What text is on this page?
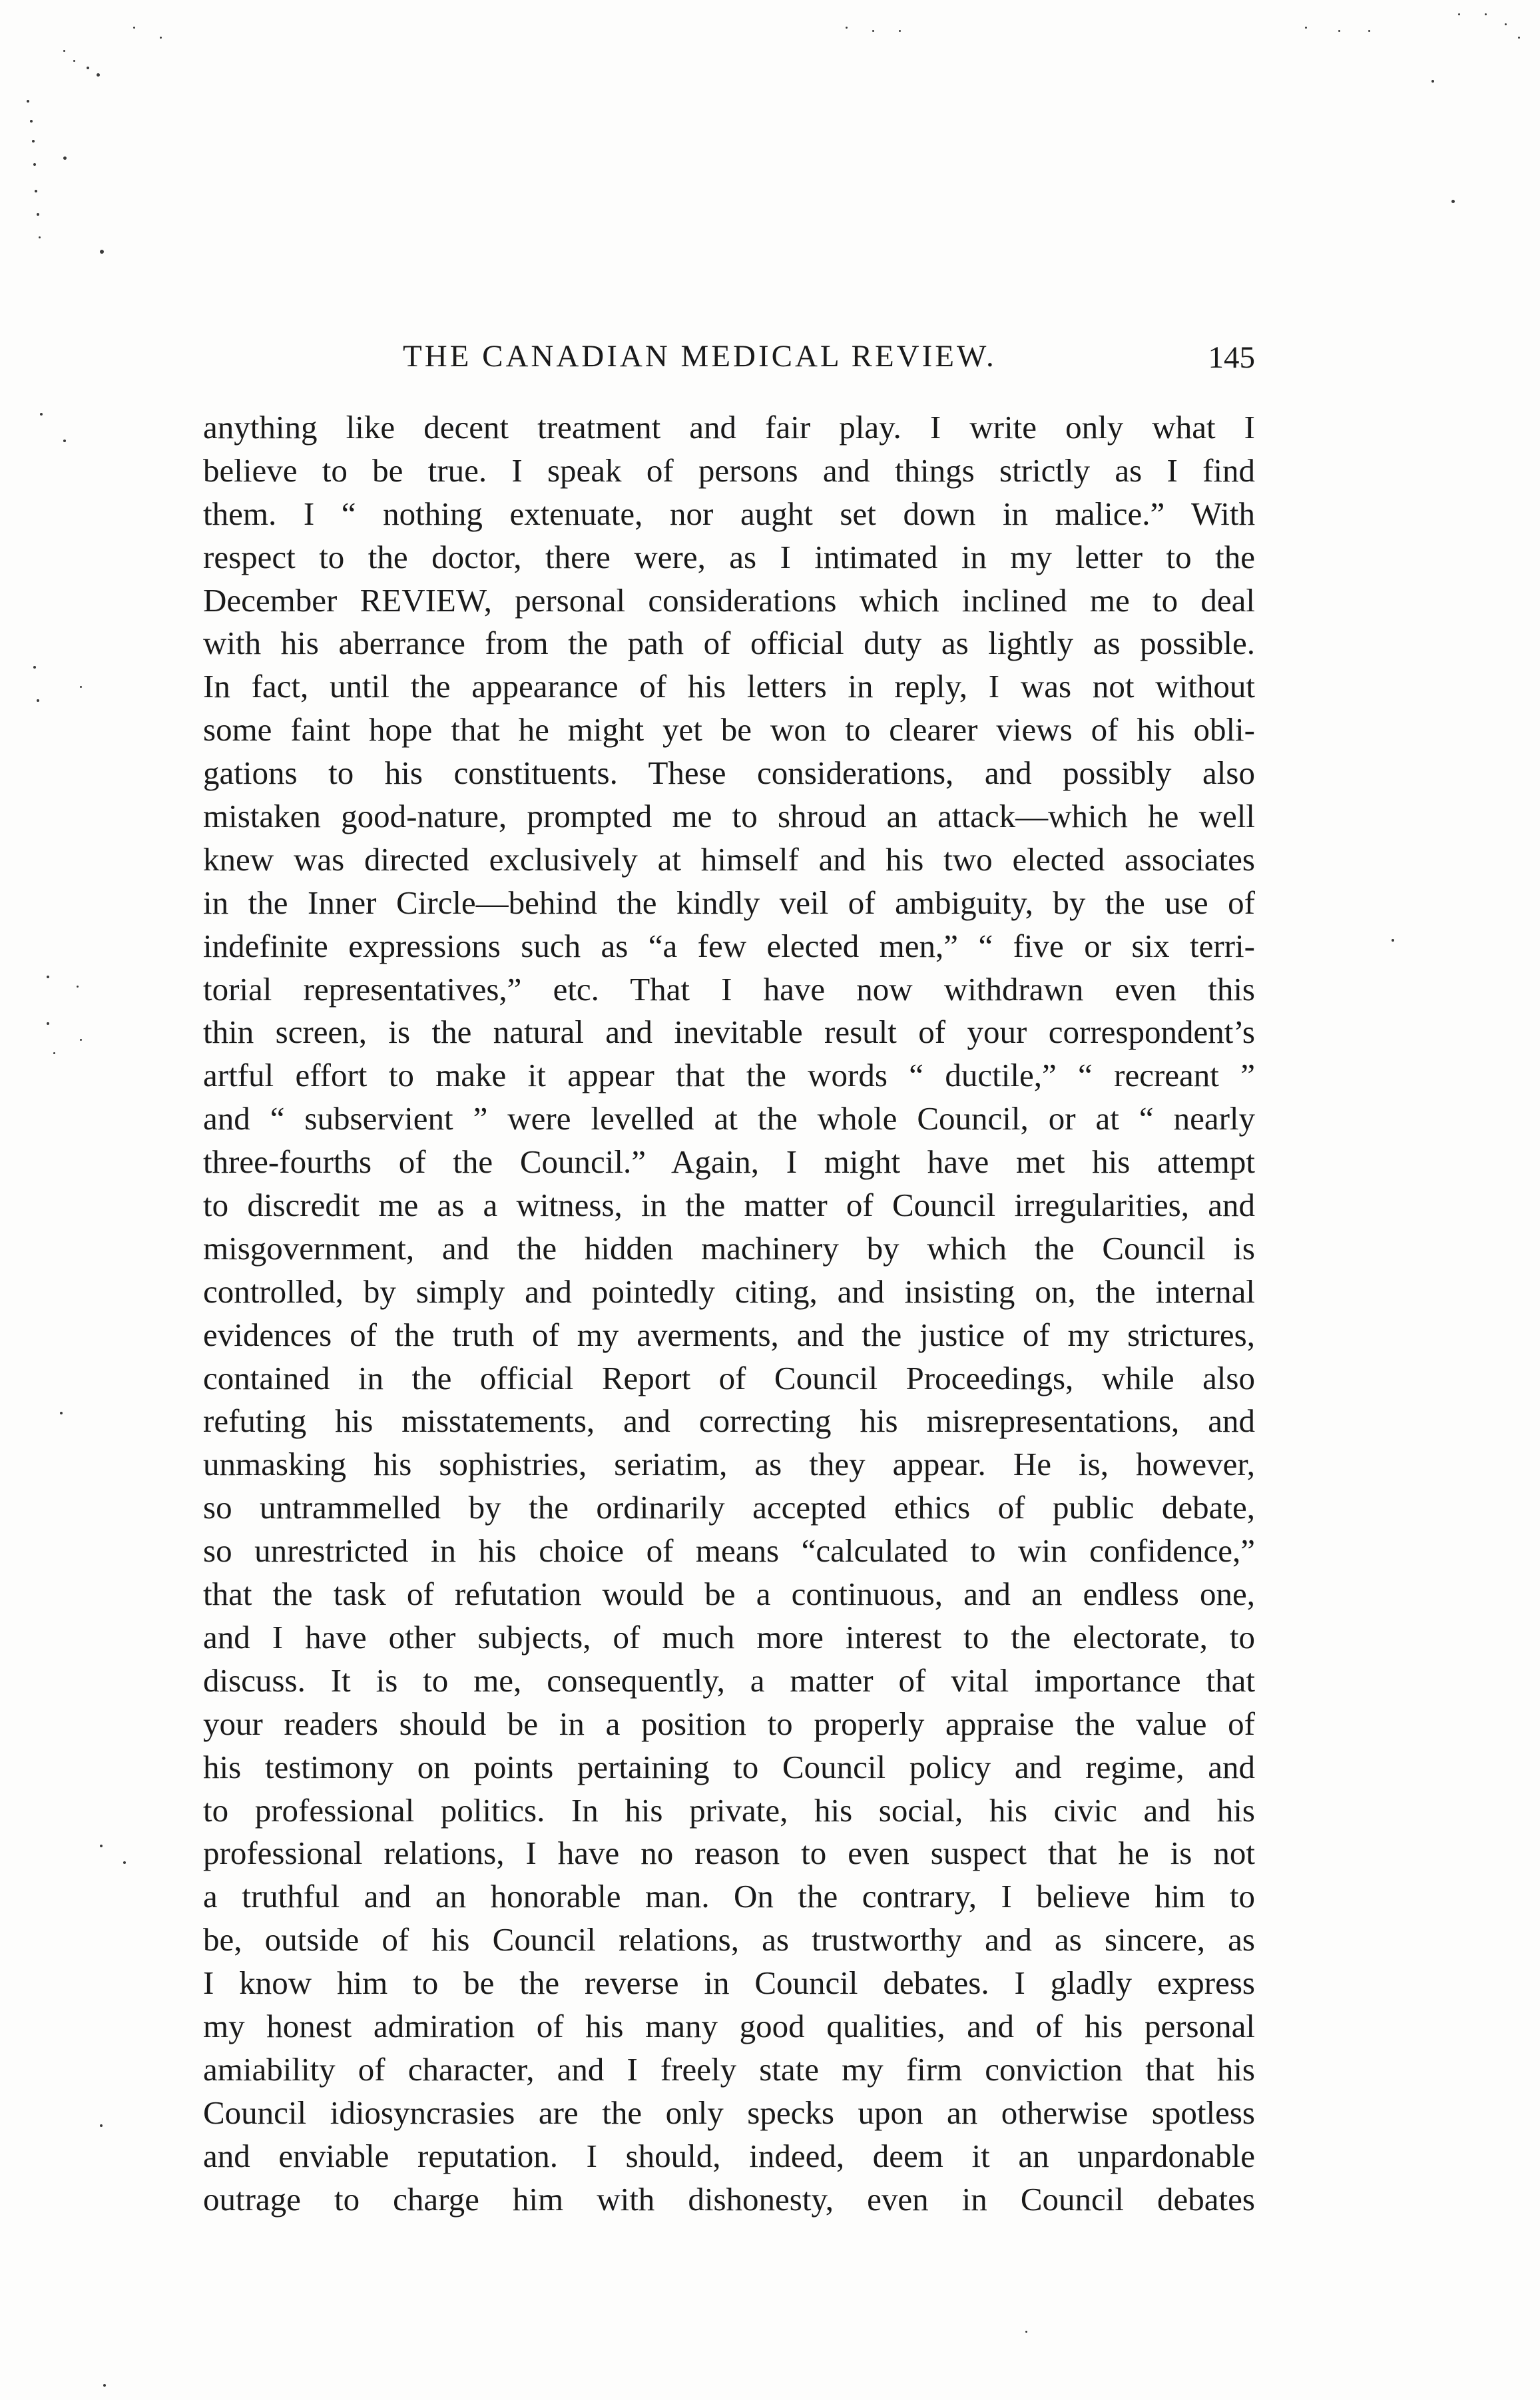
THE CANADIAN MEDICAL REVIEW.	145
anything like decent treatment and fair play. I write only what I
believe to be true. I speak of persons and things strictly as I find
them. I “ nothing extenuate, nor aught set down in malice.” With
respect to the doctor, there were, as I intimated in my letter to the
December REVIEW, personal considerations which inclined me to deal
with his aberrance from the path of official duty as lightly as possible.
In fact, until the appearance of his letters in reply, I was not without
some faint hope that he might yet be won to clearer views of his obli-
gations to his constituents. These considerations, and possibly also
mistaken good-nature, prompted me to shroud an attack—which he well
knew was directed exclusively at himself and his two elected associates
in the Inner Circle—behind the kindly veil of ambiguity, by the use of
indefinite expressions such as “a few elected men,” “ five or six terri-
torial representatives,” etc. That I have now withdrawn even this
thin screen, is the natural and inevitable result of your correspondent’s
artful effort to make it appear that the words “ ductile,” “ recreant ”
and “ subservient ” were levelled at the whole Council, or at “ nearly
three-fourths of the Council.” Again, I might have met his attempt
to discredit me as a witness, in the matter of Council irregularities, and
misgovernment, and the hidden machinery by which the Council is
controlled, by simply and pointedly citing, and insisting on, the internal
evidences of the truth of my averments, and the justice of my strictures,
contained in the official Report of Council Proceedings, while also
refuting his misstatements, and correcting his misrepresentations, and
unmasking his sophistries, seriatim, as they appear. He is, however,
so untrammelled by the ordinarily accepted ethics of public debate,
so unrestricted in his choice of means “calculated to win confidence,”
that the task of refutation would be a continuous, and an endless one,
and I have other subjects, of much more interest to the electorate, to
discuss. It is to me, consequently, a matter of vital importance that
your readers should be in a position to properly appraise the value of
his testimony on points pertaining to Council policy and regime, and
to professional politics. In his private, his social, his civic and his
professional relations, I have no reason to even suspect that he is not
a truthful and an honorable man. On the contrary, I believe him to
be, outside of his Council relations, as trustworthy and as sincere, as
I know him to be the reverse in Council debates. I gladly express
my honest admiration of his many good qualities, and of his personal
amiability of character, and I freely state my firm conviction that his
Council idiosyncrasies are the only specks upon an otherwise spotless
and enviable reputation. I should, indeed, deem it an unpardonable
outrage to charge him with dishonesty, even in Council debates
